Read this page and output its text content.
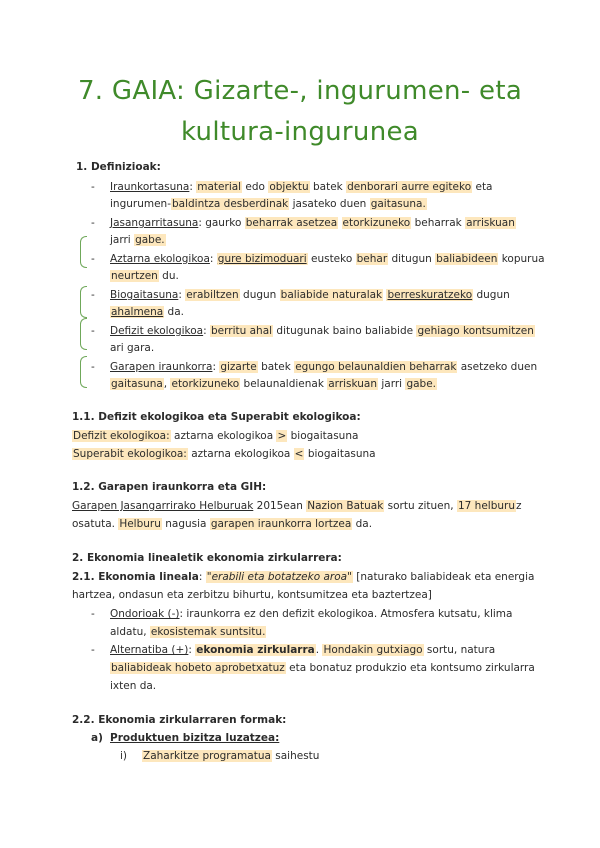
7. GAIA: Gizarte-, ingurumen- eta
kultura-ingurunea
1. Definizioak:
- Iraunkortasuna: material edo objektu batek denborari aurre egiteko eta
ingurumen-baldintza desberdinak jasateko duen gaitasuna.
- Jasangarritasuna: gaurko beharrak asetzea etorkizuneko beharrak arriskuan
jarri gabe.
- Aztarna ekologikoa: gure bizimoduari eusteko behar ditugun baliabideen kopurua
neurtzen du.
- Biogaitasuna: erabiltzen dugun baliabide naturalak berreskuratzeko dugun
ahalmena da.
- Defizit ekologikoa: berritu ahal ditugunak baino baliabide gehiago kontsumitzen
ari gara.
- Garapen iraunkorra: gizarte batek egungo belaunaldien beharrak asetzeko duen
gaitasuna, etorkizuneko belaunaldienak arriskuan jarri gabe.
1.1. Defizit ekologikoa eta Superabit ekologikoa:
Defizit ekologikoa: aztarna ekologikoa > biogaitasuna
Superabit ekologikoa: aztarna ekologikoa < biogaitasuna
1.2. Garapen iraunkorra eta GIH:
Garapen Jasangarrirako Helburuak 2015ean Nazion Batuak sortu zituen, 17 helburuz
osatuta. Helburu nagusia garapen iraunkorra lortzea da.
2. Ekonomia linealetik ekonomia zirkularrera:
2.1. Ekonomia lineala: "erabili eta botatzeko aroa" [naturako baliabideak eta energia
hartzea, ondasun eta zerbitzu bihurtu, kontsumitzea eta baztertzea]
- Ondorioak (-): iraunkorra ez den defizit ekologikoa. Atmosfera kutsatu, klima
aldatu, ekosistemak suntsitu.
- Alternatiba (+): ekonomia zirkularra. Hondakin gutxiago sortu, natura
baliabideak hobeto aprobetxatuz eta bonatuz produkzio eta kontsumo zirkularra
ixten da.
2.2. Ekonomia zirkularraren formak:
a) Produktuen bizitza luzatzea:
i) Zaharkitze programatua saihestu
